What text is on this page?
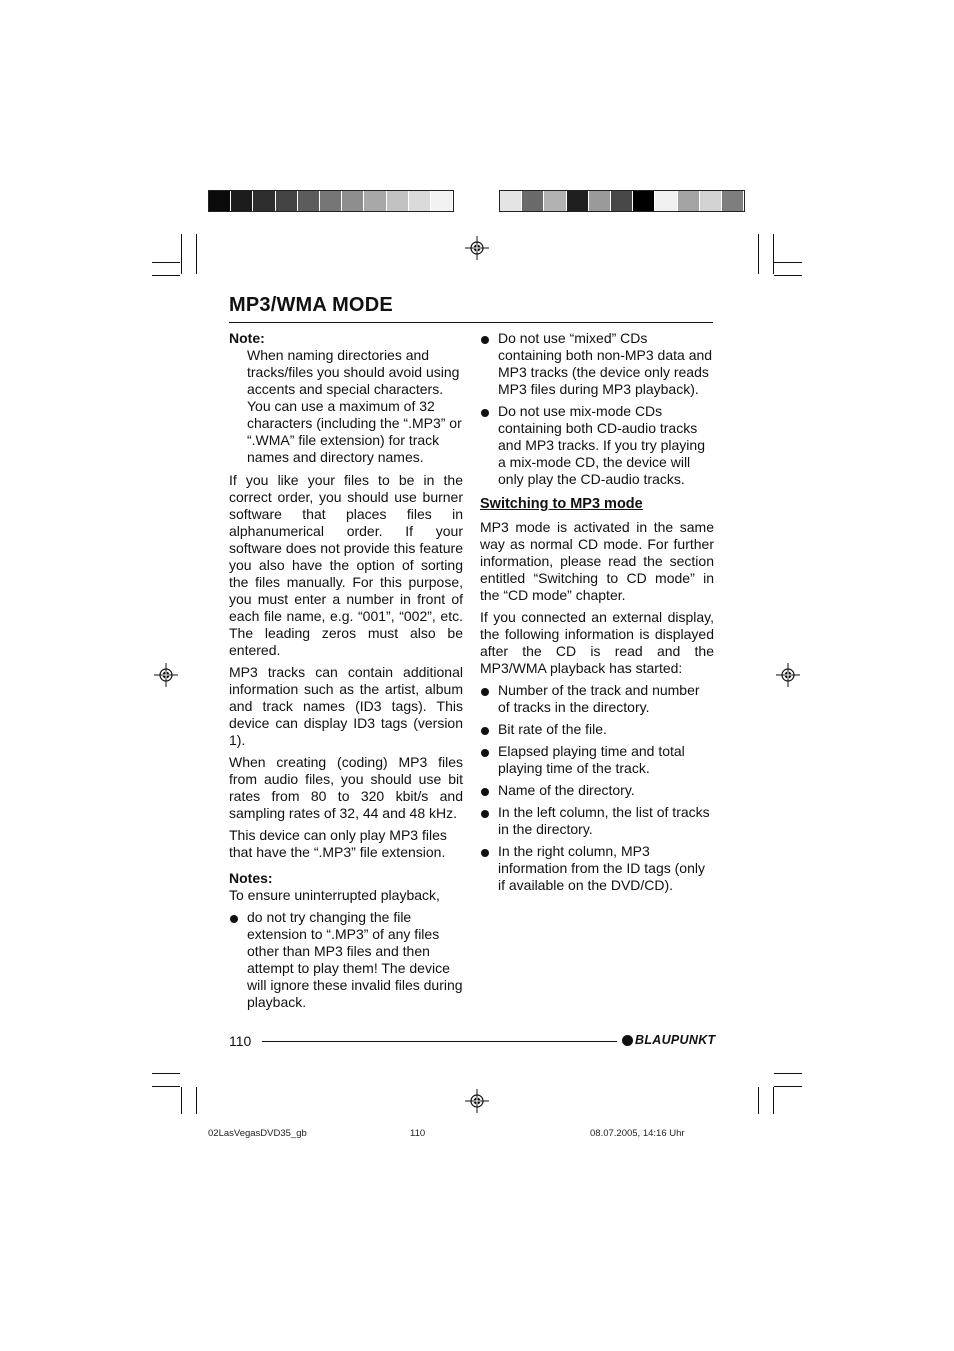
MP3/WMA MODE

Note:

When naming directories and tracks/files you should avoid using accents and special characters. You can use a maximum of 32 characters (including the “.MP3” or “.WMA” file extension) for track names and directory names.

If you like your files to be in the correct order, you should use burner software that places files in alphanumerical order. If your software does not provide this feature you also have the option of sorting the files manually. For this purpose, you must enter a number in front of each file name, e.g. “001”, “002”, etc. The leading zeros must also be entered.

MP3 tracks can contain additional information such as the artist, album and track names (ID3 tags). This device can display ID3 tags (version 1).

When creating (coding) MP3 files from audio files, you should use bit rates from 80 to 320 kbit/s and sampling rates of 32, 44 and 48 kHz.

This device can only play MP3 files that have the “.MP3” file extension.

Notes:

To ensure uninterrupted playback,

do not try changing the file extension to “.MP3” of any files other than MP3 files and then attempt to play them! The device will ignore these invalid files during playback.
Do not use “mixed” CDs containing both non-MP3 data and MP3 tracks (the device only reads MP3 files during MP3 playback).
Do not use mix-mode CDs containing both CD-audio tracks and MP3 tracks. If you try playing a mix-mode CD, the device will only play the CD-audio tracks.
Switching to MP3 mode

MP3 mode is activated in the same way as normal CD mode. For further information, please read the section entitled “Switching to CD mode” in the “CD mode” chapter.

If you connected an external display, the following information is displayed after the CD is read and the MP3/WMA playback has started:

Number of the track and number of tracks in the directory.
Bit rate of the file.
Elapsed playing time and total playing time of the track.
Name of the directory.
In the left column, the list of tracks in the directory.
In the right column, MP3 information from the ID tags (only if available on the DVD/CD).
110	BLAUPUNKT
02LasVegasDVD35_gb	110	08.07.2005, 14:16 Uhr
